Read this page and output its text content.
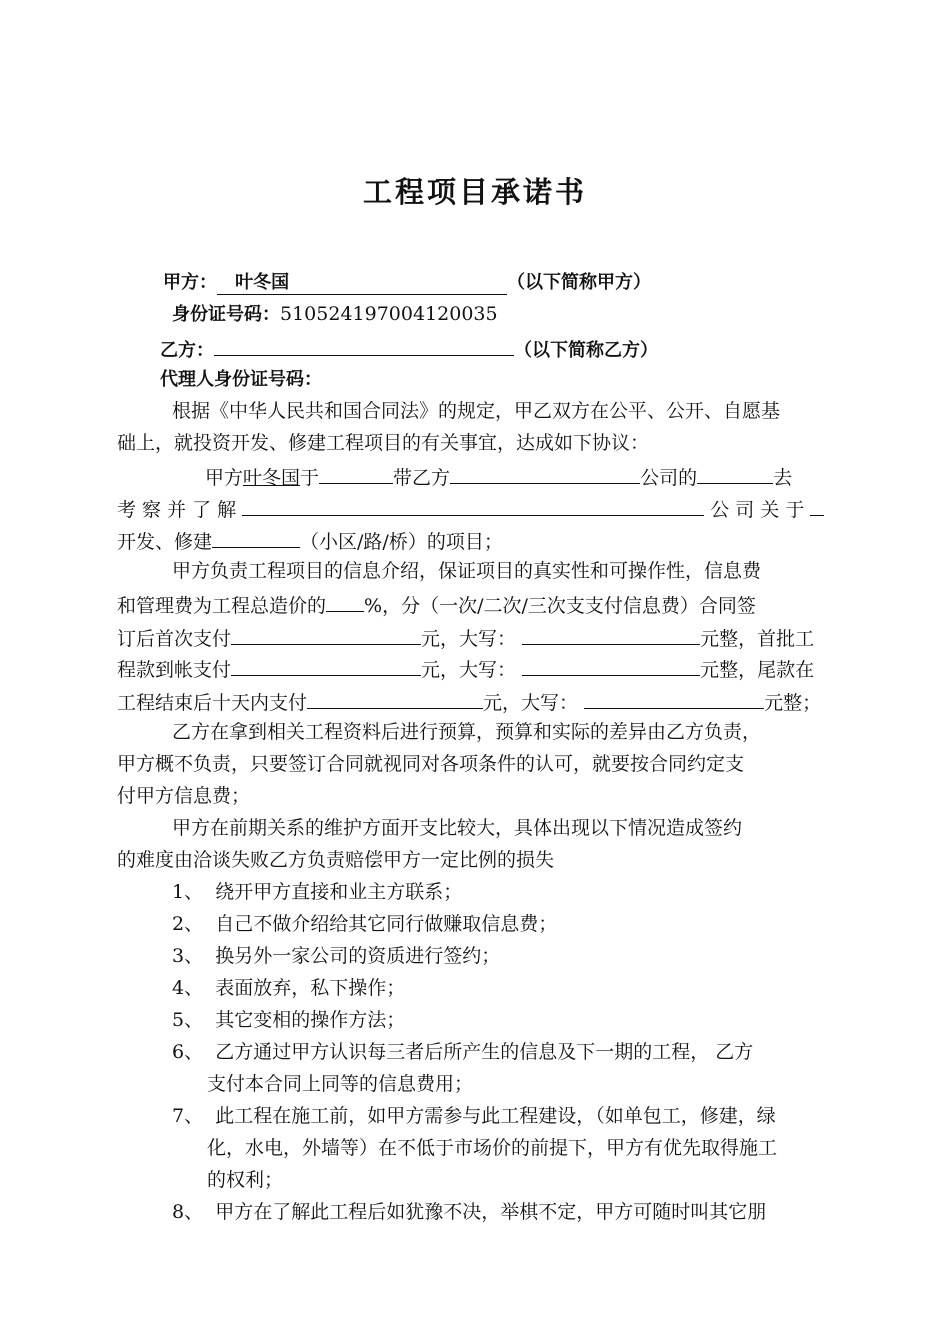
工程项目承诺书
甲方： 叶冬国	（以下简称甲方）
身份证号码：510524197004120035
乙方：	（以下简称乙方）
代理人身份证号码：
根据《中华人民共和国合同法》的规定，甲乙双方在公平、公开、自愿基
础上，就投资开发、修建工程项目的有关事宜，达成如下协议：
甲方叶冬国于	带乙方	公司的	去
考 察 并 了 解	公 司 关 于
开发、修建	（小区/路/桥）的项目；
甲方负责工程项目的信息介绍，保证项目的真实性和可操作性，信息费
和管理费为工程总造价的 %，分（一次/二次/三次支支付信息费）合同签
订后首次支付	元，大写：	元整，首批工
程款到帐支付	元，大写：	元整，尾款在
工程结束后十天内支付	元，大写：	元整；
乙方在拿到相关工程资料后进行预算，预算和实际的差异由乙方负责，
甲方概不负责，只要签订合同就视同对各项条件的认可，就要按合同约定支
付甲方信息费；
甲方在前期关系的维护方面开支比较大，具体出现以下情况造成签约
的难度由洽谈失败乙方负责赔偿甲方一定比例的损失
1、 绕开甲方直接和业主方联系；
2、 自己不做介绍给其它同行做赚取信息费；
3、 换另外一家公司的资质进行签约；
4、 表面放弃，私下操作；
5、 其它变相的操作方法；
6、 乙方通过甲方认识每三者后所产生的信息及下一期的工程， 乙方
支付本合同上同等的信息费用；
7、 此工程在施工前，如甲方需参与此工程建设，（如单包工，修建，绿
化，水电，外墙等）在不低于市场价的前提下，甲方有优先取得施工
的权利；
8、 甲方在了解此工程后如犹豫不决，举棋不定，甲方可随时叫其它朋
